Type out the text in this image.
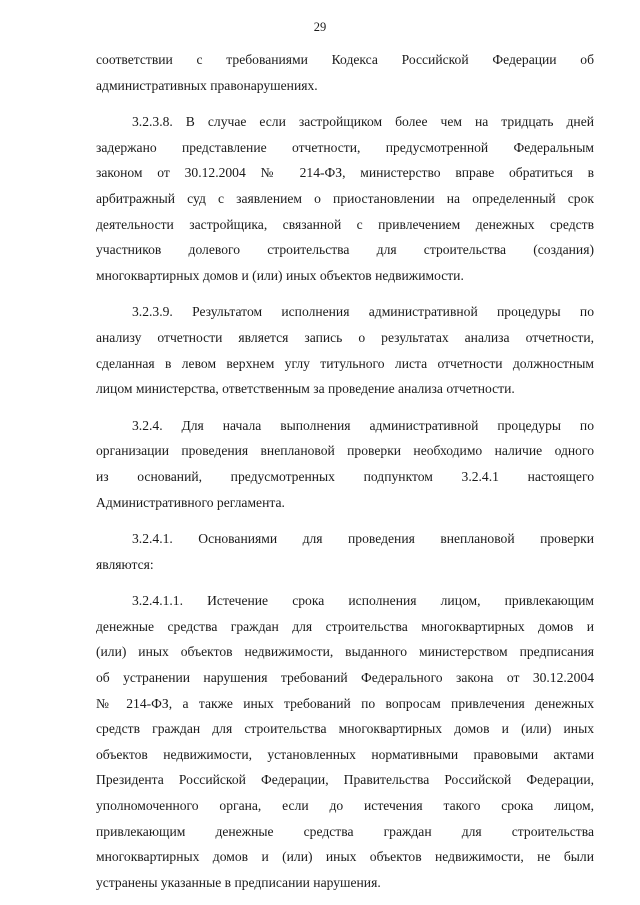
29
соответствии с требованиями Кодекса Российской Федерации об
административных правонарушениях.
3.2.3.8. В случае если застройщиком более чем на тридцать дней
задержано представление отчетности, предусмотренной Федеральным
законом от 30.12.2004 № 214-ФЗ, министерство вправе обратиться в
арбитражный суд с заявлением о приостановлении на определенный срок
деятельности застройщика, связанной с привлечением денежных средств
участников долевого строительства для строительства (создания)
многоквартирных домов и (или) иных объектов недвижимости.
3.2.3.9. Результатом исполнения административной процедуры по
анализу отчетности является запись о результатах анализа отчетности,
сделанная в левом верхнем углу титульного листа отчетности должностным
лицом министерства, ответственным за проведение анализа отчетности.
3.2.4. Для начала выполнения административной процедуры по
организации проведения внеплановой проверки необходимо наличие одного
из оснований, предусмотренных подпунктом 3.2.4.1 настоящего
Административного регламента.
3.2.4.1. Основаниями для проведения внеплановой проверки
являются:
3.2.4.1.1. Истечение срока исполнения лицом, привлекающим
денежные средства граждан для строительства многоквартирных домов и
(или) иных объектов недвижимости, выданного министерством предписания
об устранении нарушения требований Федерального закона от 30.12.2004
№ 214-ФЗ, а также иных требований по вопросам привлечения денежных
средств граждан для строительства многоквартирных домов и (или) иных
объектов недвижимости, установленных нормативными правовыми актами
Президента Российской Федерации, Правительства Российской Федерации,
уполномоченного органа, если до истечения такого срока лицом,
привлекающим денежные средства граждан для строительства
многоквартирных домов и (или) иных объектов недвижимости, не были
устранены указанные в предписании нарушения.
